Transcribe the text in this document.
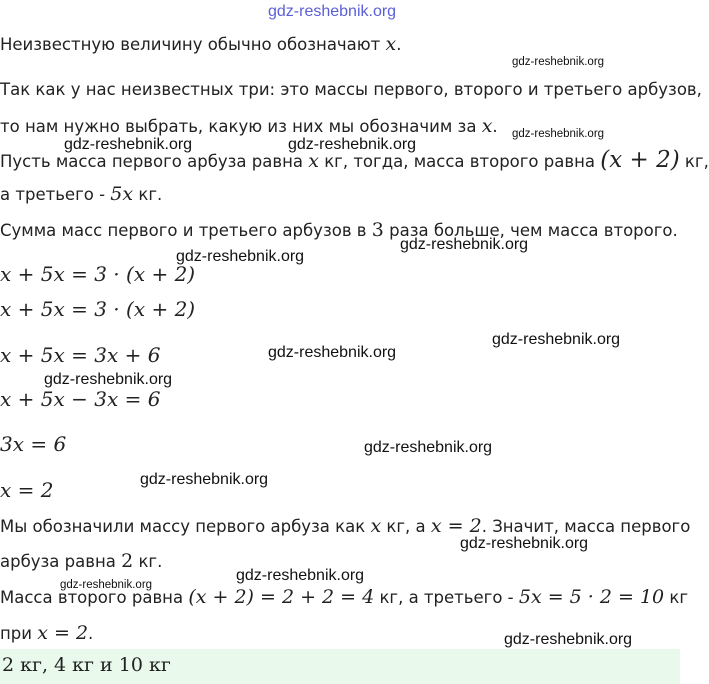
gdz-reshebnik.org
Неизвестную величину обычно обозначают x.
Так как у нас неизвестных три: это массы первого, второго и третьего арбузов,
то нам нужно выбрать, какую из них мы обозначим за x.
Пусть масса первого арбуза равна x кг, тогда, масса второго равна (x + 2) кг,
а третьего - 5x кг.
Сумма масс первого и третьего арбузов в 3 раза больше, чем масса второго.
x + 5x = 3 · (x + 2)
x + 5x = 3 · (x + 2)
x + 5x = 3x + 6
x + 5x − 3x = 6
3x = 6
x = 2
Мы обозначили массу первого арбуза как x кг, а x = 2. Значит, масса первого
арбуза равна 2 кг.
Масса второго равна (x + 2) = 2 + 2 = 4 кг, а третьего - 5x = 5 · 2 = 10 кг
при x = 2.
2 кг, 4 кг и 10 кг
gdz-reshebnik.org
gdz-reshebnik.org
gdz-reshebnik.org	gdz-reshebnik.org
gdz-reshebnik.org
gdz-reshebnik.org
gdz-reshebnik.org
gdz-reshebnik.org
gdz-reshebnik.org
gdz-reshebnik.org
gdz-reshebnik.org
gdz-reshebnik.org
gdz-reshebnik.org
gdz-reshebnik.org
gdz-reshebnik.org
